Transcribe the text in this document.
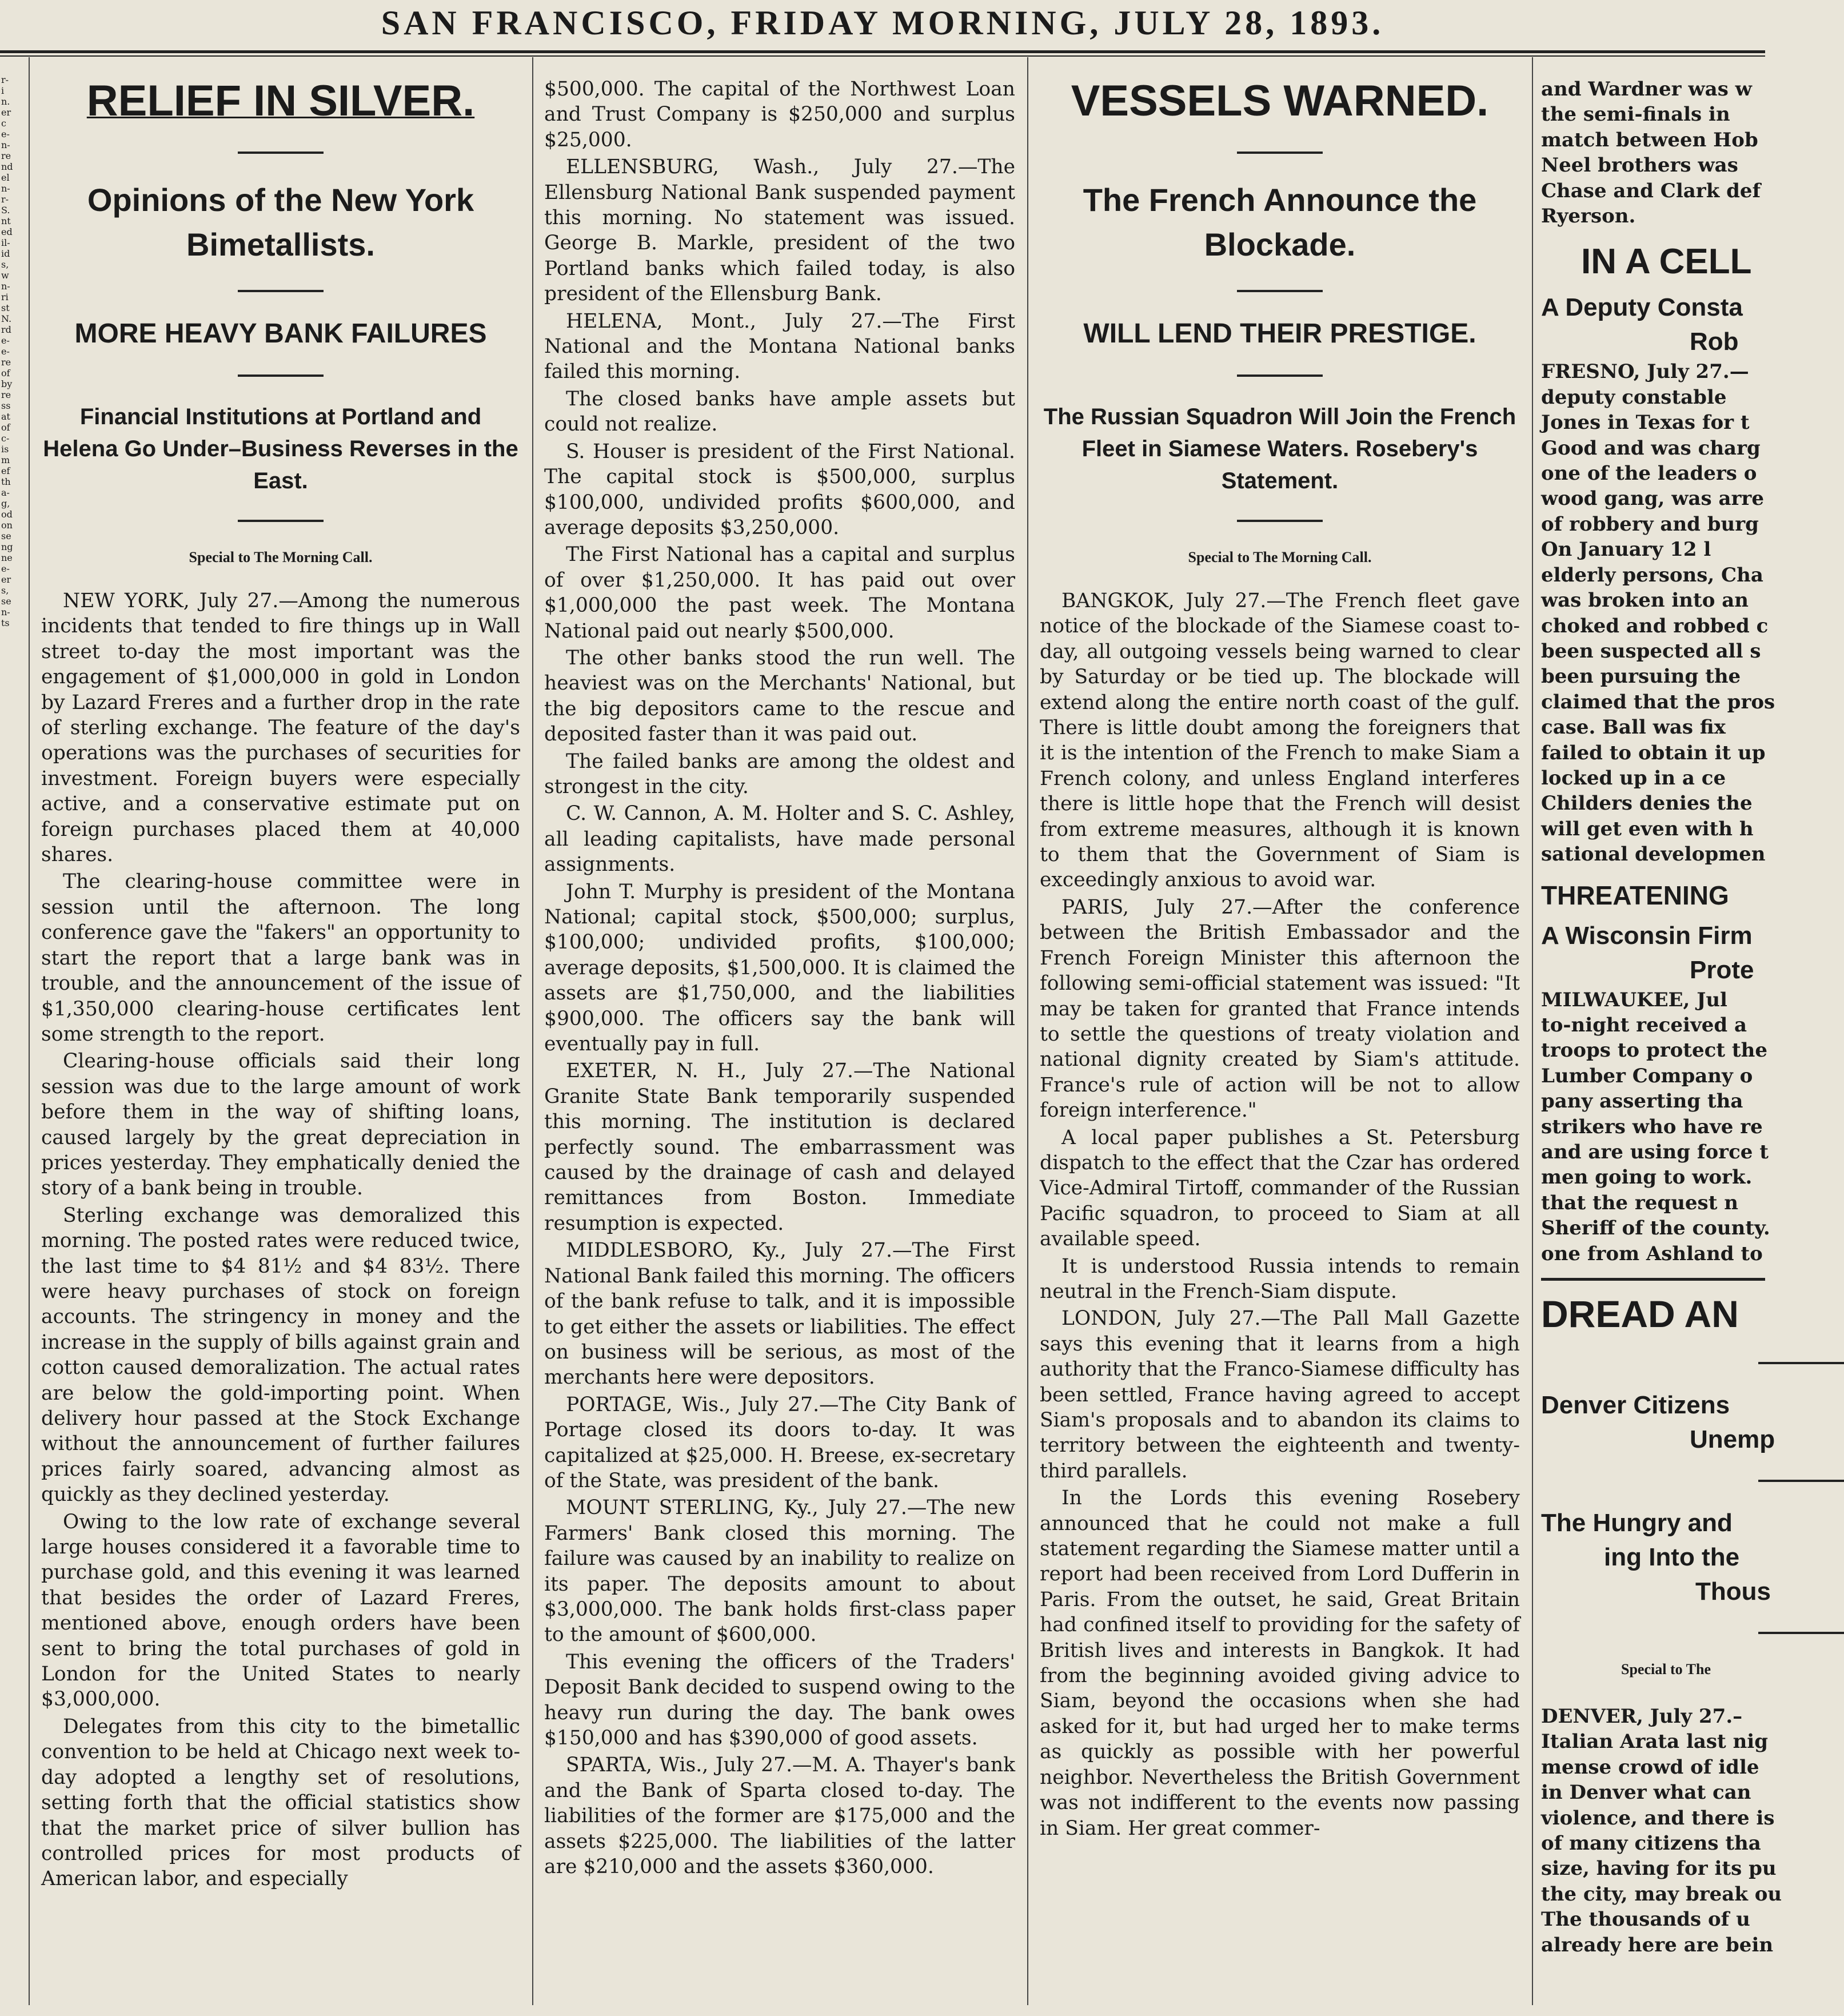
SAN FRANCISCO, FRIDAY MORNING, JULY 28, 1893.
r-
i
n.
er
c
e-
n-
re
nd
el
n-
r-
S.
nt
ed
il-
id
s,
w
n-
ri
st
N.
rd
e-
e-
re
of
by
re
ss
at
of
c-
is
m
ef
th
a-
g,
od
on
se
ng
ne
e-
er
s,
se
n-
ts
RELIEF IN SILVER.
Opinions of the New York Bimetallists.
MORE HEAVY BANK FAILURES
Financial Institutions at Portland and Helena Go Under–Business Reverses in the East.
Special to The Morning Call.

NEW YORK, July 27.—Among the numerous incidents that tended to fire things up in Wall street to-day the most important was the engagement of $1,000,000 in gold in London by Lazard Freres and a further drop in the rate of sterling exchange. The feature of the day's operations was the purchases of securities for investment. Foreign buyers were especially active, and a conservative estimate put on foreign purchases placed them at 40,000 shares.

The clearing-house committee were in session until the afternoon. The long conference gave the "fakers" an opportunity to start the report that a large bank was in trouble, and the announcement of the issue of $1,350,000 clearing-house certificates lent some strength to the report.

Clearing-house officials said their long session was due to the large amount of work before them in the way of shifting loans, caused largely by the great depreciation in prices yesterday. They emphatically denied the story of a bank being in trouble.

Sterling exchange was demoralized this morning. The posted rates were reduced twice, the last time to $4 81½ and $4 83½. There were heavy purchases of stock on foreign accounts. The stringency in money and the increase in the supply of bills against grain and cotton caused demoralization. The actual rates are below the gold-importing point. When delivery hour passed at the Stock Exchange without the announcement of further failures prices fairly soared, advancing almost as quickly as they declined yesterday.

Owing to the low rate of exchange several large houses considered it a favorable time to purchase gold, and this evening it was learned that besides the order of Lazard Freres, mentioned above, enough orders have been sent to bring the total purchases of gold in London for the United States to nearly $3,000,000.

Delegates from this city to the bimetallic convention to be held at Chicago next week to-day adopted a lengthy set of resolutions, setting forth that the official statistics show that the market price of silver bullion has controlled prices for most products of American labor, and especially

$500,000. The capital of the Northwest Loan and Trust Company is $250,000 and surplus $25,000.

ELLENSBURG, Wash., July 27.—The Ellensburg National Bank suspended payment this morning. No statement was issued. George B. Markle, president of the two Portland banks which failed today, is also president of the Ellensburg Bank.

HELENA, Mont., July 27.—The First National and the Montana National banks failed this morning.

The closed banks have ample assets but could not realize.

S. Houser is president of the First National. The capital stock is $500,000, surplus $100,000, undivided profits $600,000, and average deposits $3,250,000.

The First National has a capital and surplus of over $1,250,000. It has paid out over $1,000,000 the past week. The Montana National paid out nearly $500,000.

The other banks stood the run well. The heaviest was on the Merchants' National, but the big depositors came to the rescue and deposited faster than it was paid out.

The failed banks are among the oldest and strongest in the city.

C. W. Cannon, A. M. Holter and S. C. Ashley, all leading capitalists, have made personal assignments.

John T. Murphy is president of the Montana National; capital stock, $500,000; surplus, $100,000; undivided profits, $100,000; average deposits, $1,500,000. It is claimed the assets are $1,750,000, and the liabilities $900,000. The officers say the bank will eventually pay in full.

EXETER, N. H., July 27.—The National Granite State Bank temporarily suspended this morning. The institution is declared perfectly sound. The embarrassment was caused by the drainage of cash and delayed remittances from Boston. Immediate resumption is expected.

MIDDLESBORO, Ky., July 27.—The First National Bank failed this morning. The officers of the bank refuse to talk, and it is impossible to get either the assets or liabilities. The effect on business will be serious, as most of the merchants here were depositors.

PORTAGE, Wis., July 27.—The City Bank of Portage closed its doors to-day. It was capitalized at $25,000. H. Breese, ex-secretary of the State, was president of the bank.

MOUNT STERLING, Ky., July 27.—The new Farmers' Bank closed this morning. The failure was caused by an inability to realize on its paper. The deposits amount to about $3,000,000. The bank holds first-class paper to the amount of $600,000.

This evening the officers of the Traders' Deposit Bank decided to suspend owing to the heavy run during the day. The bank owes $150,000 and has $390,000 of good assets.

SPARTA, Wis., July 27.—M. A. Thayer's bank and the Bank of Sparta closed to-day. The liabilities of the former are $175,000 and the assets $225,000. The liabilities of the latter are $210,000 and the assets $360,000.

VESSELS WARNED.
The French Announce the Blockade.
WILL LEND THEIR PRESTIGE.
The Russian Squadron Will Join the French Fleet in Siamese Waters. Rosebery's Statement.
Special to The Morning Call.

BANGKOK, July 27.—The French fleet gave notice of the blockade of the Siamese coast to-day, all outgoing vessels being warned to clear by Saturday or be tied up. The blockade will extend along the entire north coast of the gulf. There is little doubt among the foreigners that it is the intention of the French to make Siam a French colony, and unless England interferes there is little hope that the French will desist from extreme measures, although it is known to them that the Government of Siam is exceedingly anxious to avoid war.

PARIS, July 27.—After the conference between the British Embassador and the French Foreign Minister this afternoon the following semi-official statement was issued: "It may be taken for granted that France intends to settle the questions of treaty violation and national dignity created by Siam's attitude. France's rule of action will be not to allow foreign interference."

A local paper publishes a St. Petersburg dispatch to the effect that the Czar has ordered Vice-Admiral Tirtoff, commander of the Russian Pacific squadron, to proceed to Siam at all available speed.

It is understood Russia intends to remain neutral in the French-Siam dispute.

LONDON, July 27.—The Pall Mall Gazette says this evening that it learns from a high authority that the Franco-Siamese difficulty has been settled, France having agreed to accept Siam's proposals and to abandon its claims to territory between the eighteenth and twenty-third parallels.

In the Lords this evening Rosebery announced that he could not make a full statement regarding the Siamese matter until a report had been received from Lord Dufferin in Paris. From the outset, he said, Great Britain had confined itself to providing for the safety of British lives and interests in Bangkok. It had from the beginning avoided giving advice to Siam, beyond the occasions when she had asked for it, but had urged her to make terms as quickly as possible with her powerful neighbor. Nevertheless the British Government was not indifferent to the events now passing in Siam. Her great commer-

and Wardner was w
the semi-finals in
match between Hob
Neel brothers was
Chase and Clark def
Ryerson.
IN A CELL
A Deputy Consta
Rob
FRESNO, July 27.—
deputy constable
Jones in Texas for t
Good and was charg
one of the leaders o
wood gang, was arre
of robbery and burg
On January 12 l
elderly persons, Cha
was broken into an
choked and robbed c
been suspected all s
been pursuing the
claimed that the pros
case. Ball was fix
failed to obtain it up
locked up in a ce
Childers denies the
will get even with h
sational developmen
THREATENING
A Wisconsin Firm
Prote
MILWAUKEE, Jul
to-night received a
troops to protect the
Lumber Company o
pany asserting tha
strikers who have re
and are using force t
men going to work.
that the request n
Sheriff of the county.
one from Ashland to
DREAD AN
Denver Citizens
Unemp
The Hungry and
ing Into the
Thous
Special to The
DENVER, July 27.–
Italian Arata last nig
mense crowd of idle
in Denver what can
violence, and there is
of many citizens tha
size, having for its pu
the city, may break ou
The thousands of u
already here are bein
